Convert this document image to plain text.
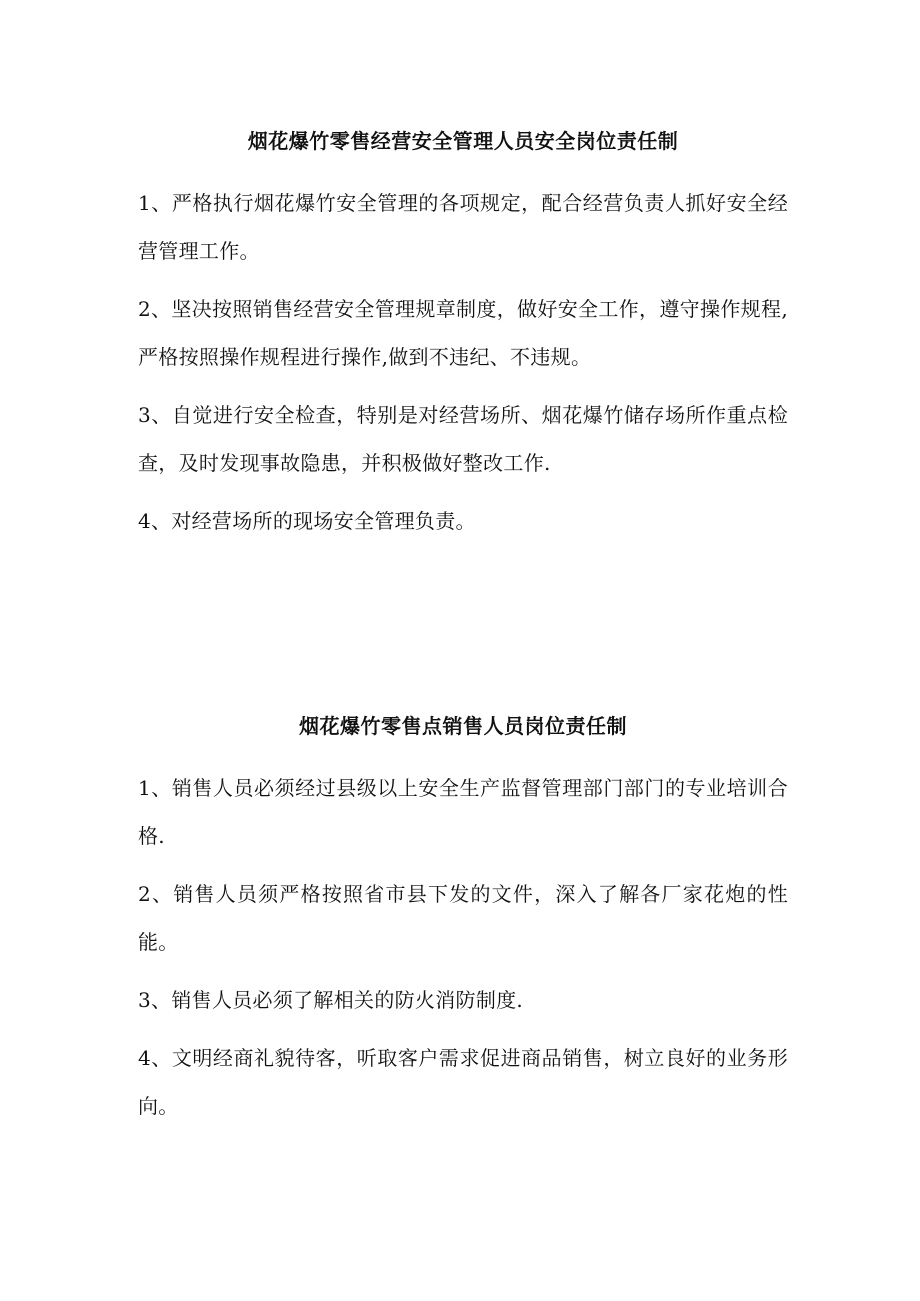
烟花爆竹零售经营安全管理人员安全岗位责任制

1、严格执行烟花爆竹安全管理的各项规定，配合经营负责人抓好安全经营管理工作。

2、坚决按照销售经营安全管理规章制度，做好安全工作，遵守操作规程,严格按照操作规程进行操作,做到不违纪、不违规。

3、自觉进行安全检查，特别是对经营场所、烟花爆竹储存场所作重点检查，及时发现事故隐患，并积极做好整改工作.

4、对经营场所的现场安全管理负责。

烟花爆竹零售点销售人员岗位责任制

1、销售人员必须经过县级以上安全生产监督管理部门部门的专业培训合格.

2、销售人员须严格按照省市县下发的文件，深入了解各厂家花炮的性能。

3、销售人员必须了解相关的防火消防制度.

4、文明经商礼貌待客，听取客户需求促进商品销售，树立良好的业务形向。
